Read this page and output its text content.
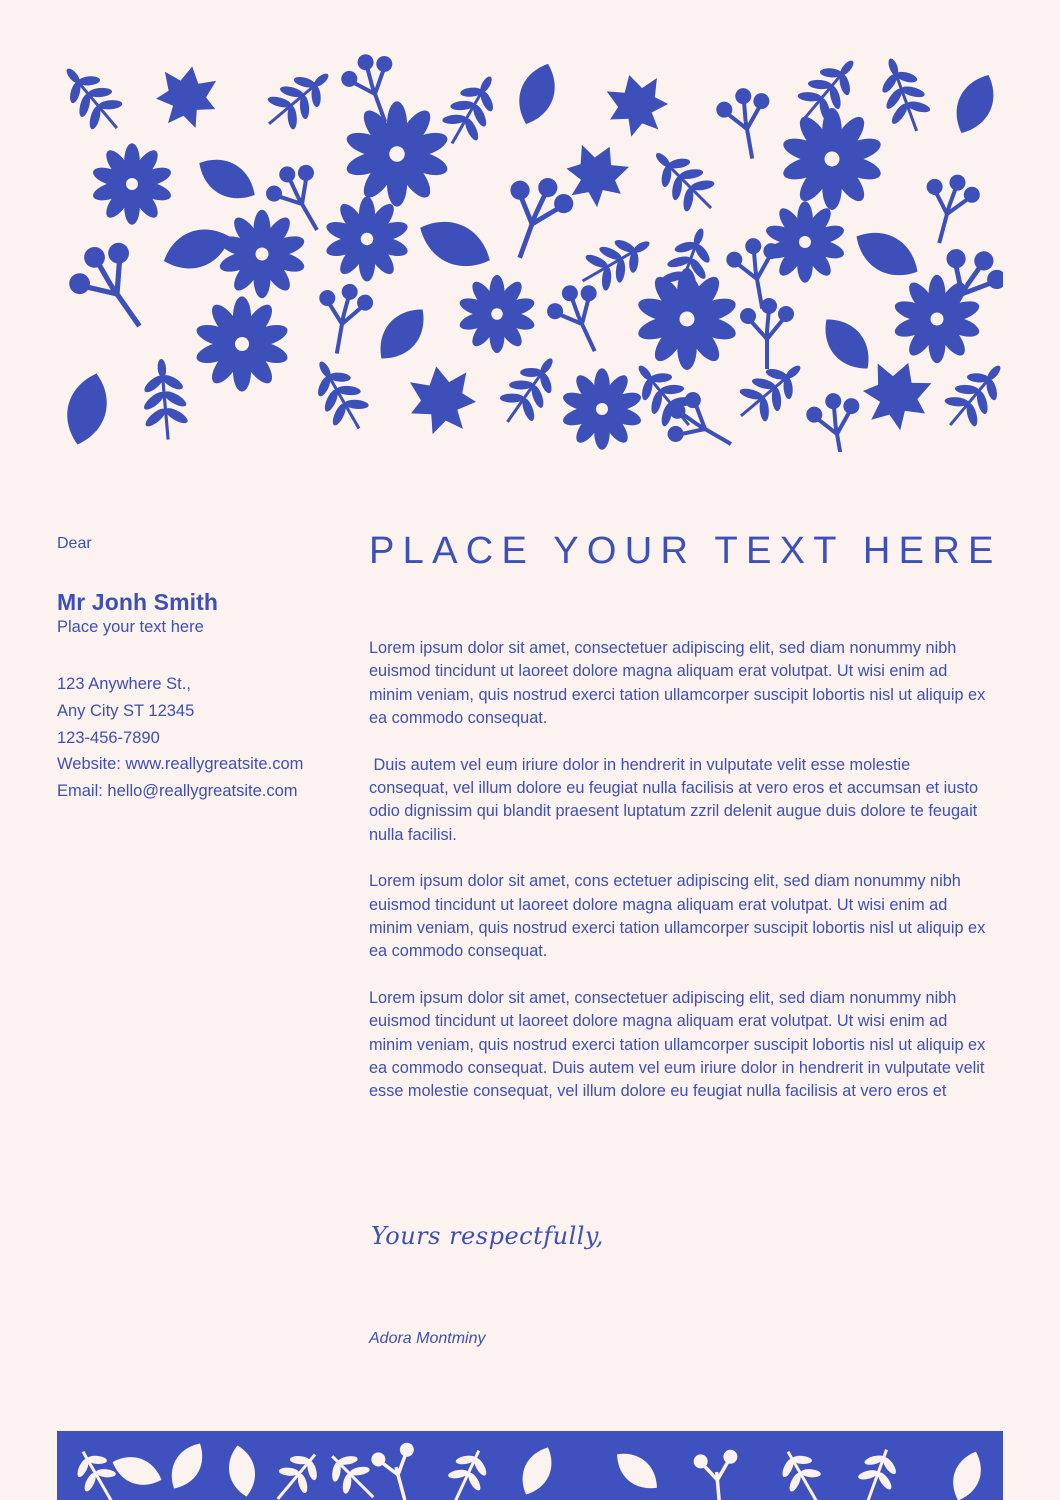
Dear

Mr Jonh Smith

Place your text here

123 Anywhere St.,
Any City ST 12345
123-456-7890
Website: www.reallygreatsite.com
Email: hello@reallygreatsite.com
PLACE YOUR TEXT HERE

Lorem ipsum dolor sit amet, consectetuer adipiscing elit, sed diam nonummy nibh euismod tincidunt ut laoreet dolore magna aliquam erat volutpat. Ut wisi enim ad minim veniam, quis nostrud exerci tation ullamcorper suscipit lobortis nisl ut aliquip ex ea commodo consequat.

Duis autem vel eum iriure dolor in hendrerit in vulputate velit esse molestie consequat, vel illum dolore eu feugiat nulla facilisis at vero eros et accumsan et iusto odio dignissim qui blandit praesent luptatum zzril delenit augue duis dolore te feugait nulla facilisi.

Lorem ipsum dolor sit amet, cons ectetuer adipiscing elit, sed diam nonummy nibh euismod tincidunt ut laoreet dolore magna aliquam erat volutpat. Ut wisi enim ad minim veniam, quis nostrud exerci tation ullamcorper suscipit lobortis nisl ut aliquip ex ea commodo consequat.

Lorem ipsum dolor sit amet, consectetuer adipiscing elit, sed diam nonummy nibh euismod tincidunt ut laoreet dolore magna aliquam erat volutpat. Ut wisi enim ad minim veniam, quis nostrud exerci tation ullamcorper suscipit lobortis nisl ut aliquip ex ea commodo consequat. Duis autem vel eum iriure dolor in hendrerit in vulputate velit esse molestie consequat, vel illum dolore eu feugiat nulla facilisis at vero eros et

Yours respectfully,
Adora Montminy
